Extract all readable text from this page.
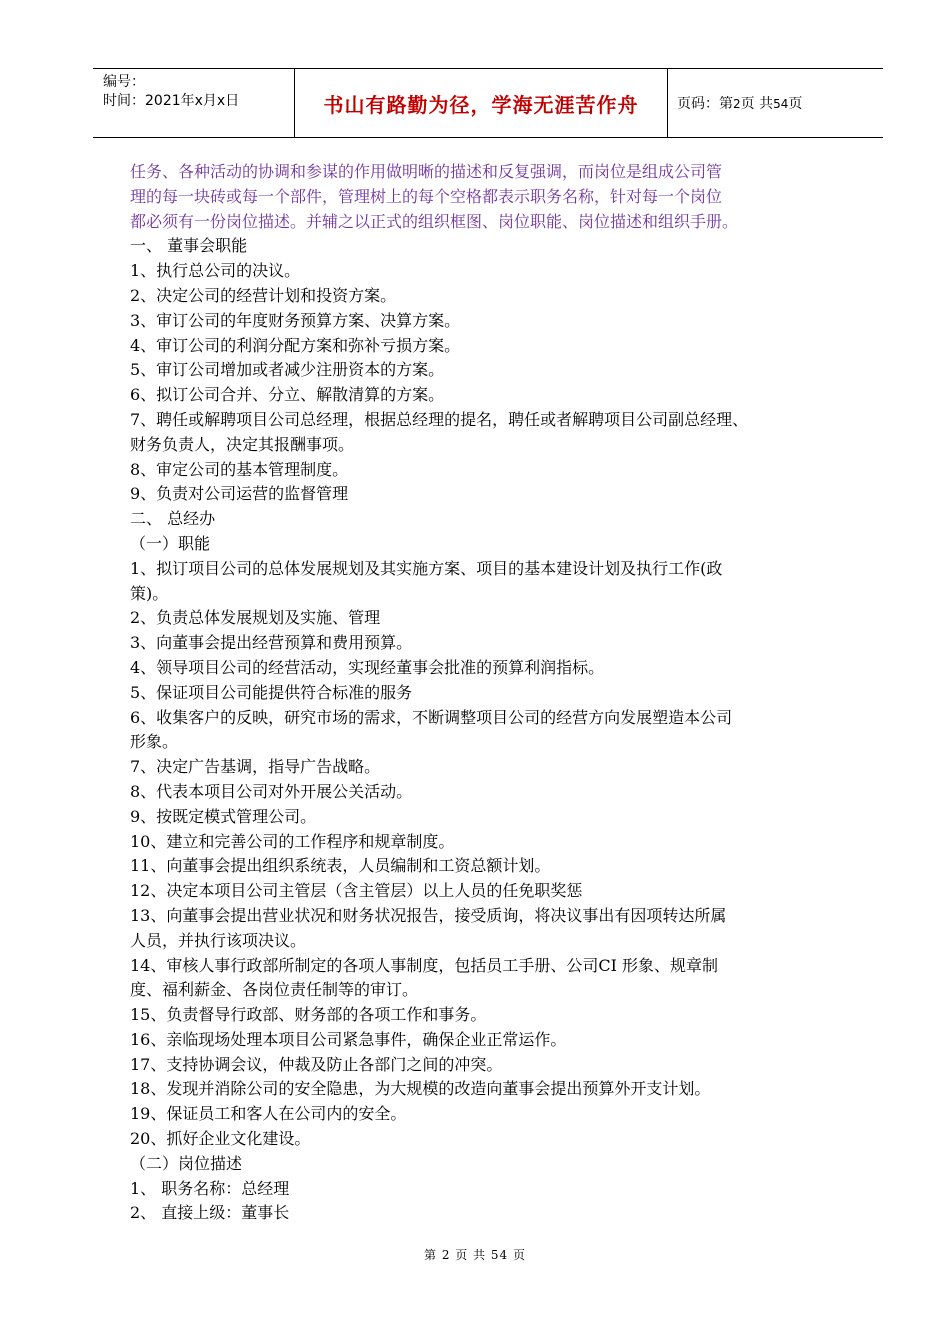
编号：
时间：2021年x月x日	书山有路勤为径，学海无涯苦作舟	页码：第2页 共54页
任务、各种活动的协调和参谋的作用做明晰的描述和反复强调，而岗位是组成公司管
理的每一块砖或每一个部件，管理树上的每个空格都表示职务名称，针对每一个岗位
都必须有一份岗位描述。并辅之以正式的组织框图、岗位职能、岗位描述和组织手册。
一、 董事会职能
1、执行总公司的决议。
2、决定公司的经营计划和投资方案。
3、审订公司的年度财务预算方案、决算方案。
4、审订公司的利润分配方案和弥补亏损方案。
5、审订公司增加或者减少注册资本的方案。
6、拟订公司合并、分立、解散清算的方案。
7、聘任或解聘项目公司总经理，根据总经理的提名，聘任或者解聘项目公司副总经理、
财务负责人，决定其报酬事项。
8、审定公司的基本管理制度。
9、负责对公司运营的监督管理
二、 总经办
（一）职能
1、拟订项目公司的总体发展规划及其实施方案、项目的基本建设计划及执行工作(政
策)。
2、负责总体发展规划及实施、管理
3、向董事会提出经营预算和费用预算。
4、领导项目公司的经营活动，实现经董事会批准的预算利润指标。
5、保证项目公司能提供符合标准的服务
6、收集客户的反映，研究市场的需求，不断调整项目公司的经营方向发展塑造本公司
形象。
7、决定广告基调，指导广告战略。
8、代表本项目公司对外开展公关活动。
9、按既定模式管理公司。
10、建立和完善公司的工作程序和规章制度。
11、向董事会提出组织系统表，人员编制和工资总额计划。
12、决定本项目公司主管层（含主管层）以上人员的任免职奖惩
13、向董事会提出营业状况和财务状况报告，接受质询，将决议事出有因项转达所属
人员，并执行该项决议。
14、审核人事行政部所制定的各项人事制度，包括员工手册、公司CI 形象、规章制
度、福利薪金、各岗位责任制等的审订。
15、负责督导行政部、财务部的各项工作和事务。
16、亲临现场处理本项目公司紧急事件，确保企业正常运作。
17、支持协调会议，仲裁及防止各部门之间的冲突。
18、发现并消除公司的安全隐患，为大规模的改造向董事会提出预算外开支计划。
19、保证员工和客人在公司内的安全。
20、抓好企业文化建设。
（二）岗位描述
1、 职务名称：总经理
2、 直接上级：董事长
第 2 页 共 54 页
